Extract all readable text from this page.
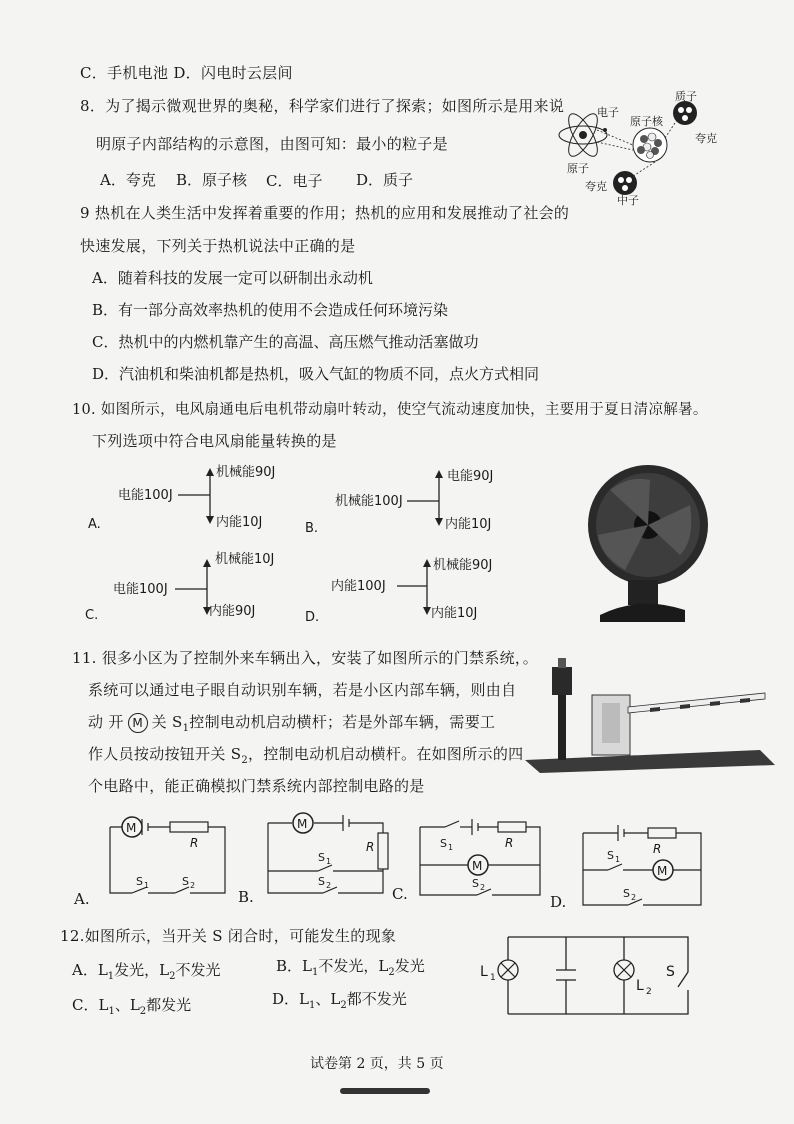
C．手机电池 D．闪电时云层间
8．为了揭示微观世界的奥秘，科学家们进行了探索；如图所示是用来说
明原子内部结构的示意图，由图可知：最小的粒子是
A．夸克 B．原子核 C．电子 D．质子
电子
原子核
原子
质子
夸克
夸克
中子
9 热机在人类生活中发挥着重要的作用；热机的应用和发展推动了社会的
快速发展，下列关于热机说法中正确的是
A．随着科技的发展一定可以研制出永动机
B．有一部分高效率热机的使用不会造成任何环境污染
C．热机中的内燃机靠产生的高温、高压燃气推动活塞做功
D．汽油机和柴油机都是热机，吸入气缸的物质不同，点火方式相同
10. 如图所示，电风扇通电后电机带动扇叶转动，使空气流动速度加快，主要用于夏日清凉解暑。
下列选项中符合电风扇能量转换的是
电能100J
机械能90J
内能10J
A.
机械能100J
电能90J
内能10J
B.
电能100J
机械能10J
内能90J
C.
内能100J
机械能90J
内能10J
D.
11. 很多小区为了控制外来车辆出入，安装了如图所示的门禁系统，。
系统可以通过电子眼自动识别车辆，若是小区内部车辆，则由自
动 开 M 关 $S_1$控制电动机启动横杆；若是外部车辆，需要工
作人员按动按钮开关 $S_2$，控制电动机启动横杆。在如图所示的四
个电路中，能正确模拟门禁系统内部控制电路的是
M
R
S 1	S 2
A.
M
R
S 1
S 2
B.
M
R
S 1
S 2
C.
M
R
S 1
S 2
D.
12.如图所示，当开关 S 闭合时，可能发生的现象
A．$L_1$发光，$L_2$不发光	B．$L_1$不发光，$L_2$发光
C．$L_1$、$L_2$都发光	D．$L_1$、$L_2$都不发光
L 1	L 2
S
试卷第 2 页，共 5 页
